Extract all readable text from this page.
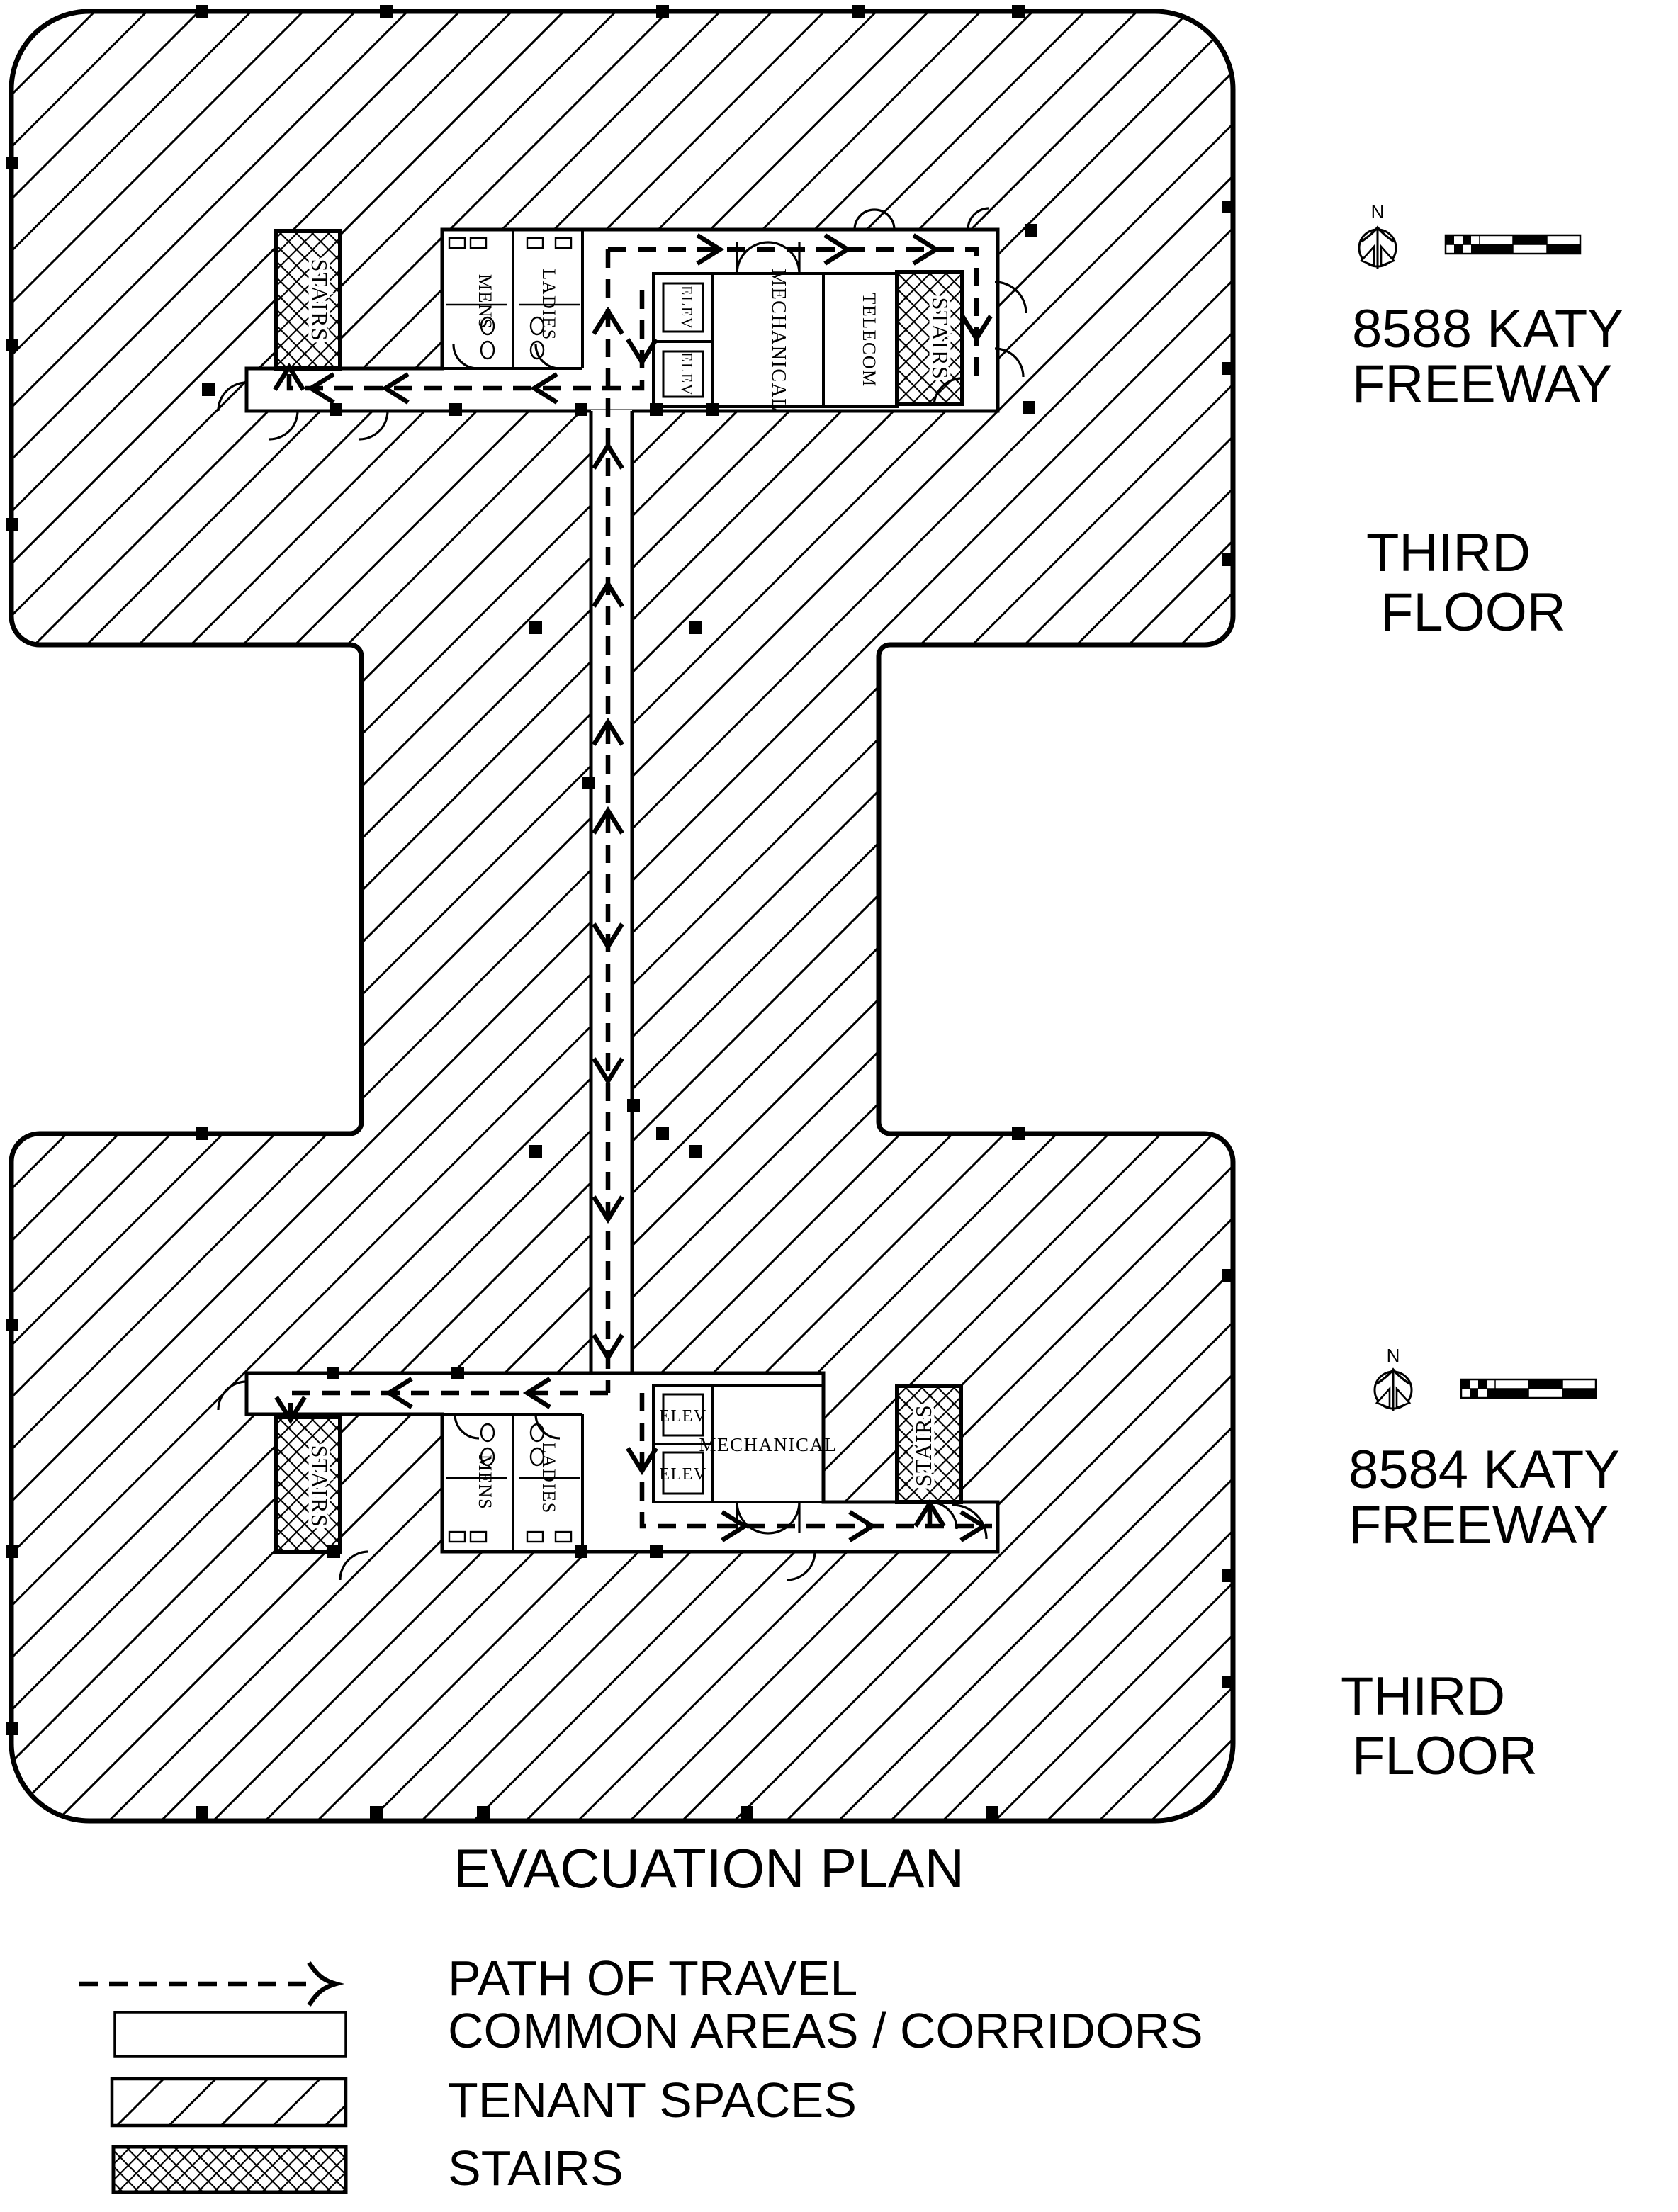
MENS LADIES	ELEV
ELEV	MECHANICAL	TELECOM
STAIRS	STAIRS
MENS LADIES
ELEV
ELEV
MECHANICAL
STAIRS	STAIRS
N
8588 KATY
FREEWAY
THIRD
FLOOR
N
8584 KATY
FREEWAY
THIRD
FLOOR
EVACUATION PLAN
PATH OF TRAVEL
COMMON AREAS / CORRIDORS
TENANT SPACES
STAIRS
